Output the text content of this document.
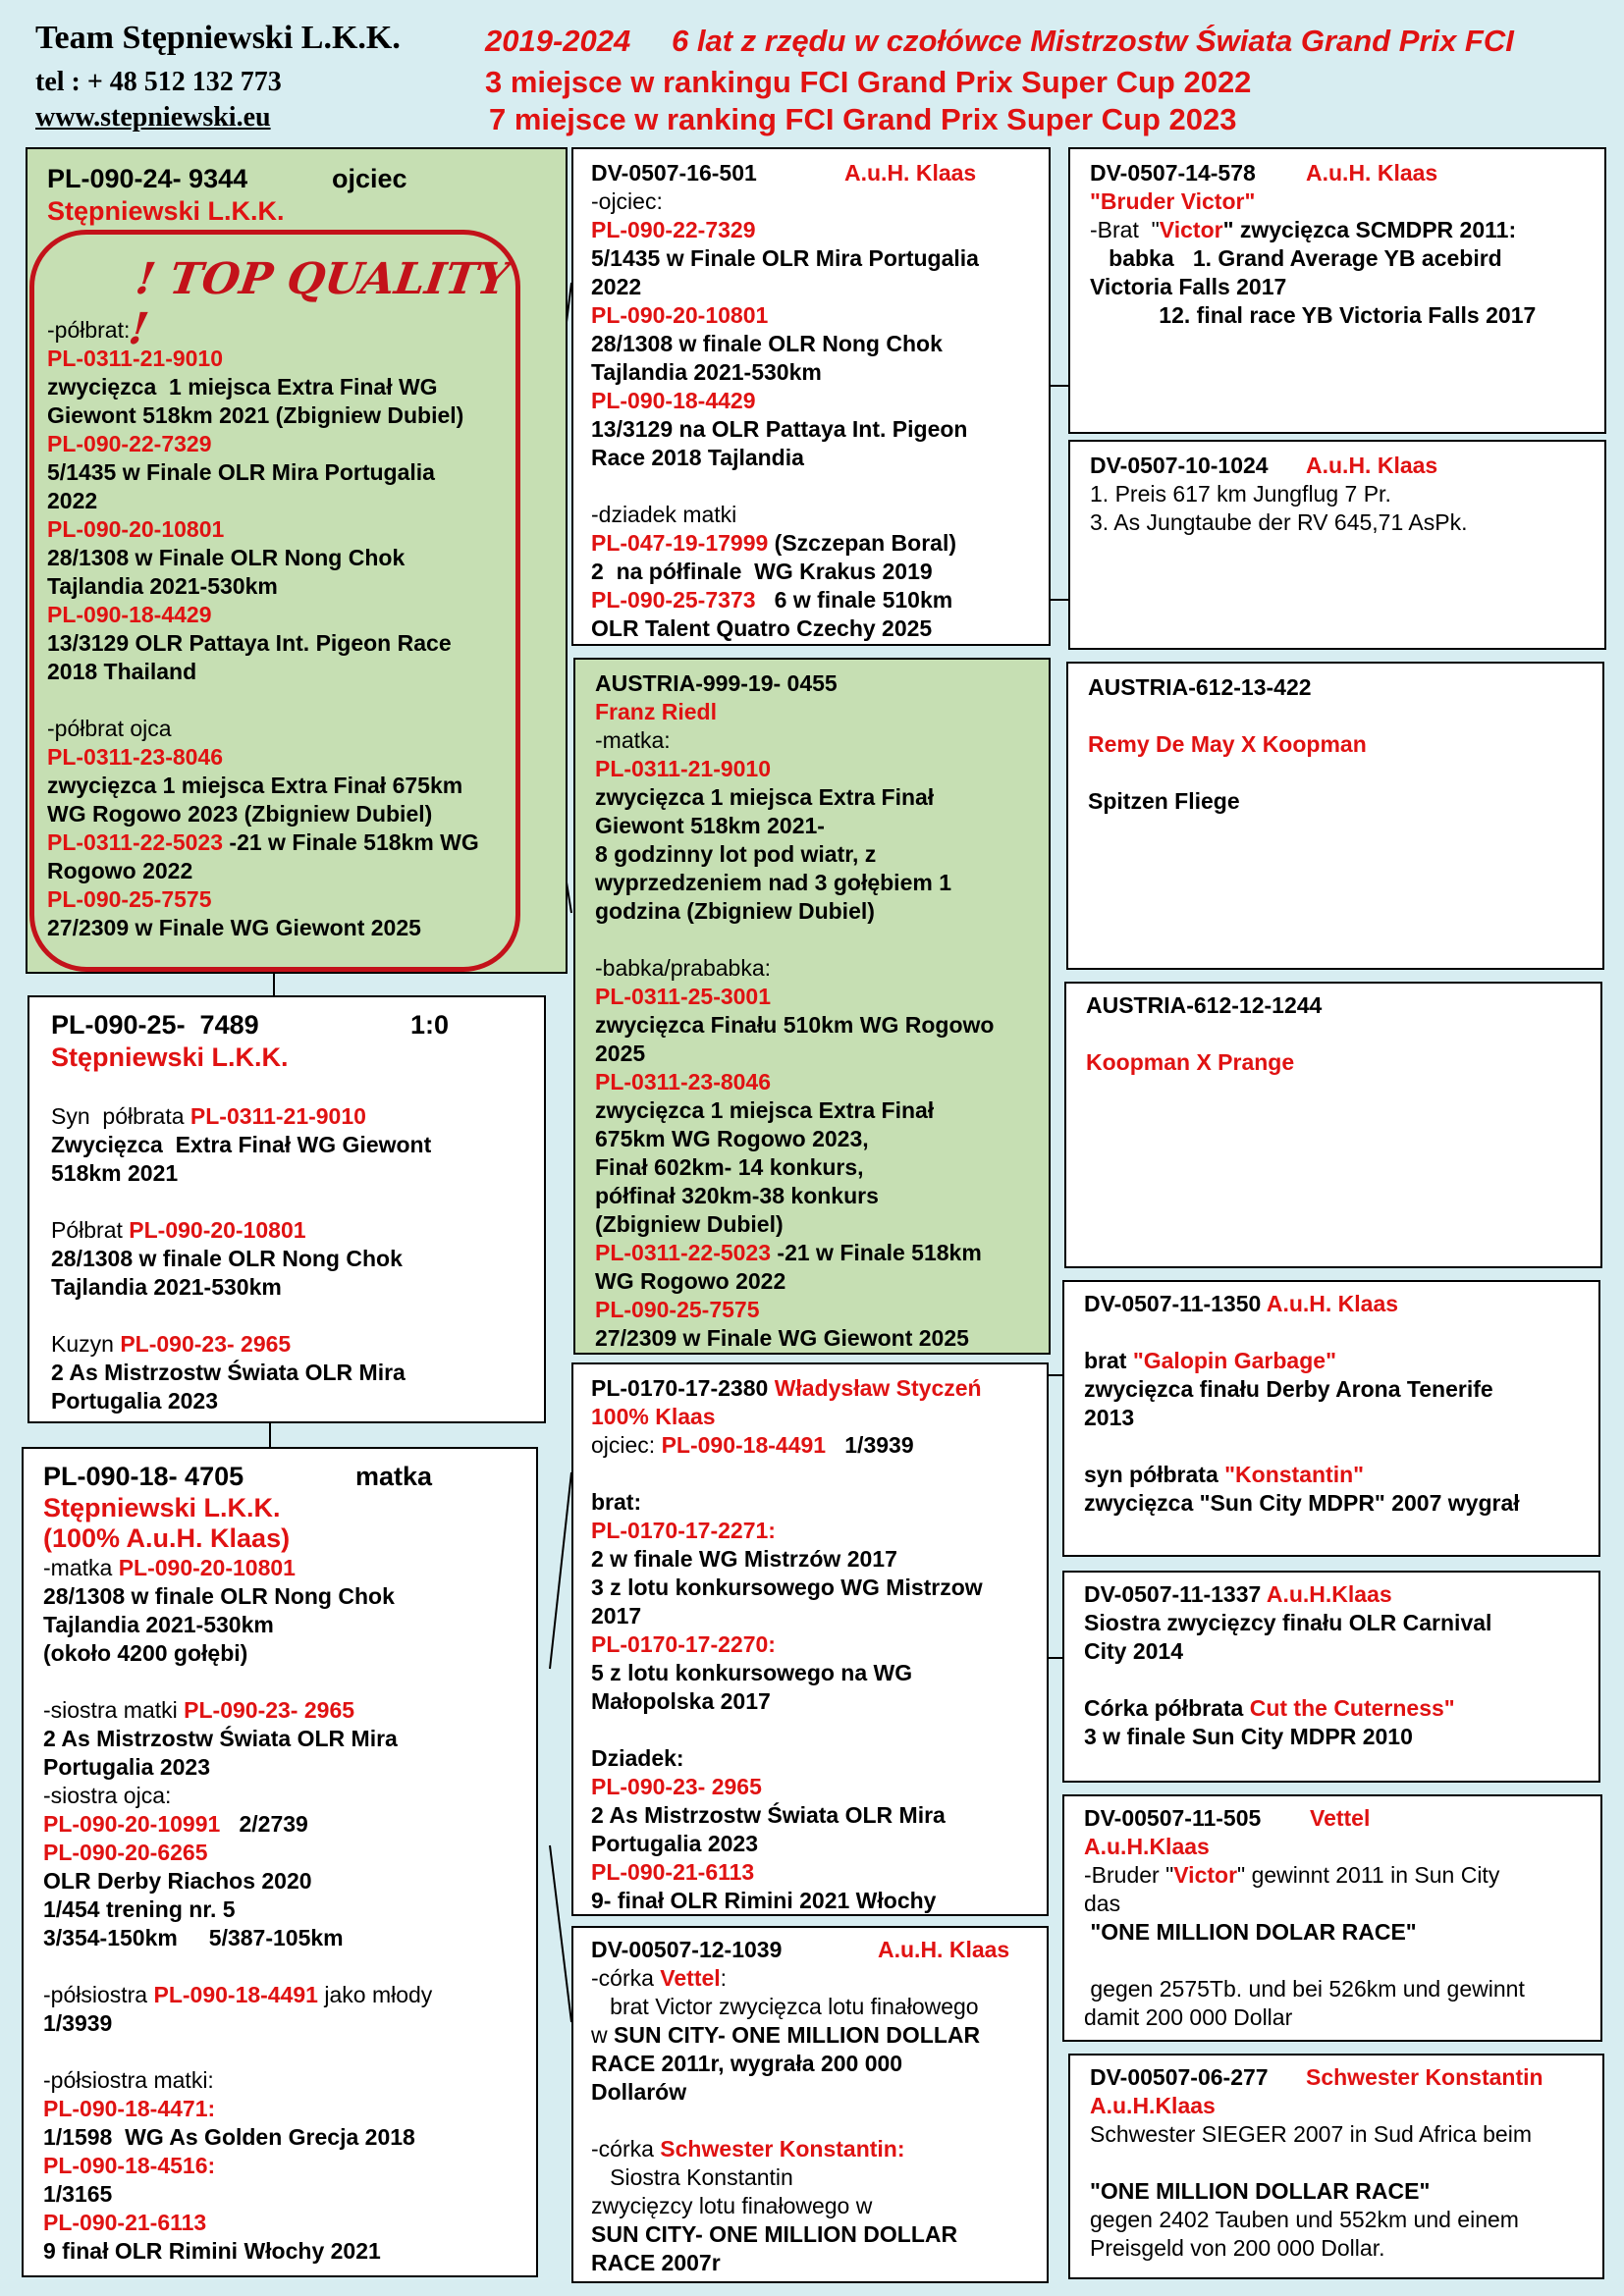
Team Stępniewski L.K.K.
tel : + 48 512 132 773
www.stepniewski.eu
2019-2024 6 lat z rzędu w czołówce Mistrzostw Świata Grand Prix FCI
3 miejsce w rankingu FCI Grand Prix Super Cup 2022
7 miejsce w ranking FCI Grand Prix Super Cup 2023
PL-090-24- 9344	ojciec
Stępniewski L.K.K.
! TOP QUALITY !
-półbrat:
PL-0311-21-9010
zwycięzca  1 miejsca Extra Finał WG
Giewont 518km 2021 (Zbigniew Dubiel)
PL-090-22-7329
5/1435 w Finale OLR Mira Portugalia
2022
PL-090-20-10801
28/1308 w Finale OLR Nong Chok
Tajlandia 2021-530km
PL-090-18-4429
13/3129 OLR Pattaya Int. Pigeon Race
2018 Thailand
-półbrat ojca
PL-0311-23-8046
zwycięzca 1 miejsca Extra Finał 675km
WG Rogowo 2023 (Zbigniew Dubiel)
PL-0311-22-5023 -21 w Finale 518km WG
Rogowo 2022
PL-090-25-7575
27/2309 w Finale WG Giewont 2025
PL-090-25-  7489	1:0
Stępniewski L.K.K.
Syn  półbrata PL-0311-21-9010
Zwycięzca  Extra Finał WG Giewont
518km 2021
Półbrat PL-090-20-10801
28/1308 w finale OLR Nong Chok
Tajlandia 2021-530km
Kuzyn PL-090-23- 2965
2 As Mistrzostw Świata OLR Mira
Portugalia 2023
PL-090-18- 4705	matka
Stępniewski L.K.K.
(100% A.u.H. Klaas)
-matka PL-090-20-10801
28/1308 w finale OLR Nong Chok
Tajlandia 2021-530km
(około 4200 gołębi)
-siostra matki PL-090-23- 2965
2 As Mistrzostw Świata OLR Mira
Portugalia 2023
-siostra ojca:
PL-090-20-10991   2/2739
PL-090-20-6265
OLR Derby Riachos 2020
1/454 trening nr. 5
3/354-150km     5/387-105km
-półsiostra PL-090-18-4491 jako młody
1/3939
-półsiostra matki:
PL-090-18-4471:
1/1598  WG As Golden Grecja 2018
PL-090-18-4516:
1/3165
PL-090-21-6113
9 finał OLR Rimini Włochy 2021
DV-0507-16-501	A.u.H. Klaas
-ojciec:
PL-090-22-7329
5/1435 w Finale OLR Mira Portugalia
2022
PL-090-20-10801
28/1308 w finale OLR Nong Chok
Tajlandia 2021-530km
PL-090-18-4429
13/3129 na OLR Pattaya Int. Pigeon
Race 2018 Tajlandia
-dziadek matki
PL-047-19-17999 (Szczepan Boral)
2  na półfinale  WG Krakus 2019
PL-090-25-7373   6 w finale 510km
OLR Talent Quatro Czechy 2025
AUSTRIA-999-19- 0455
Franz Riedl
-matka:
PL-0311-21-9010
zwycięzca 1 miejsca Extra Finał
Giewont 518km 2021-
8 godzinny lot pod wiatr, z
wyprzedzeniem nad 3 gołębiem 1
godzina (Zbigniew Dubiel)
-babka/prababka:
PL-0311-25-3001
zwycięzca Finału 510km WG Rogowo
2025
PL-0311-23-8046
zwycięzca 1 miejsca Extra Finał
675km WG Rogowo 2023,
Finał 602km- 14 konkurs,
półfinał 320km-38 konkurs
(Zbigniew Dubiel)
PL-0311-22-5023 -21 w Finale 518km
WG Rogowo 2022
PL-090-25-7575
27/2309 w Finale WG Giewont 2025
PL-0170-17-2380 Władysław Styczeń
100% Klaas
ojciec: PL-090-18-4491   1/3939
brat:
PL-0170-17-2271:
2 w finale WG Mistrzów 2017
3 z lotu konkursowego WG Mistrzow
2017
PL-0170-17-2270:
5 z lotu konkursowego na WG
Małopolska 2017
Dziadek:
PL-090-23- 2965
2 As Mistrzostw Świata OLR Mira
Portugalia 2023
PL-090-21-6113
9- finał OLR Rimini 2021 Włochy
DV-00507-12-1039	A.u.H. Klaas
-córka Vettel:
brat Victor zwycięzca lotu finałowego
w SUN CITY- ONE MILLION DOLLAR
RACE 2011r, wygrała 200 000
Dollarów
-córka Schwester Konstantin:
Siostra Konstantin
zwycięzcy lotu finałowego w
SUN CITY- ONE MILLION DOLLAR
RACE 2007r
DV-0507-14-578 A.u.H. Klaas
"Bruder Victor"
-Brat  "Victor" zwycięzca SCMDPR 2011:
babka   1. Grand Average YB acebird
Victoria Falls 2017
12. final race YB Victoria Falls 2017
DV-0507-10-1024 A.u.H. Klaas
1. Preis 617 km Jungflug 7 Pr.
3. As Jungtaube der RV 645,71 AsPk.
AUSTRIA-612-13-422
Remy De May X Koopman
Spitzen Fliege
AUSTRIA-612-12-1244
Koopman X Prange
DV-0507-11-1350 A.u.H. Klaas
brat "Galopin Garbage"
zwycięzca finału Derby Arona Tenerife
2013
syn półbrata "Konstantin"
zwycięzca "Sun City MDPR" 2007 wygrał
DV-0507-11-1337 A.u.H.Klaas
Siostra zwycięzcy finału OLR Carnival
City 2014
Córka półbrata Cut the Cuterness"
3 w finale Sun City MDPR 2010
DV-00507-11-505 Vettel
A.u.H.Klaas
-Bruder "Victor" gewinnt 2011 in Sun City
das
"ONE MILLION DOLAR RACE"
gegen 2575Tb. und bei 526km und gewinnt
damit 200 000 Dollar
DV-00507-06-277 Schwester Konstantin
A.u.H.Klaas
Schwester SIEGER 2007 in Sud Africa beim
"ONE MILLION DOLLAR RACE"
gegen 2402 Tauben und 552km und einem
Preisgeld von 200 000 Dollar.
